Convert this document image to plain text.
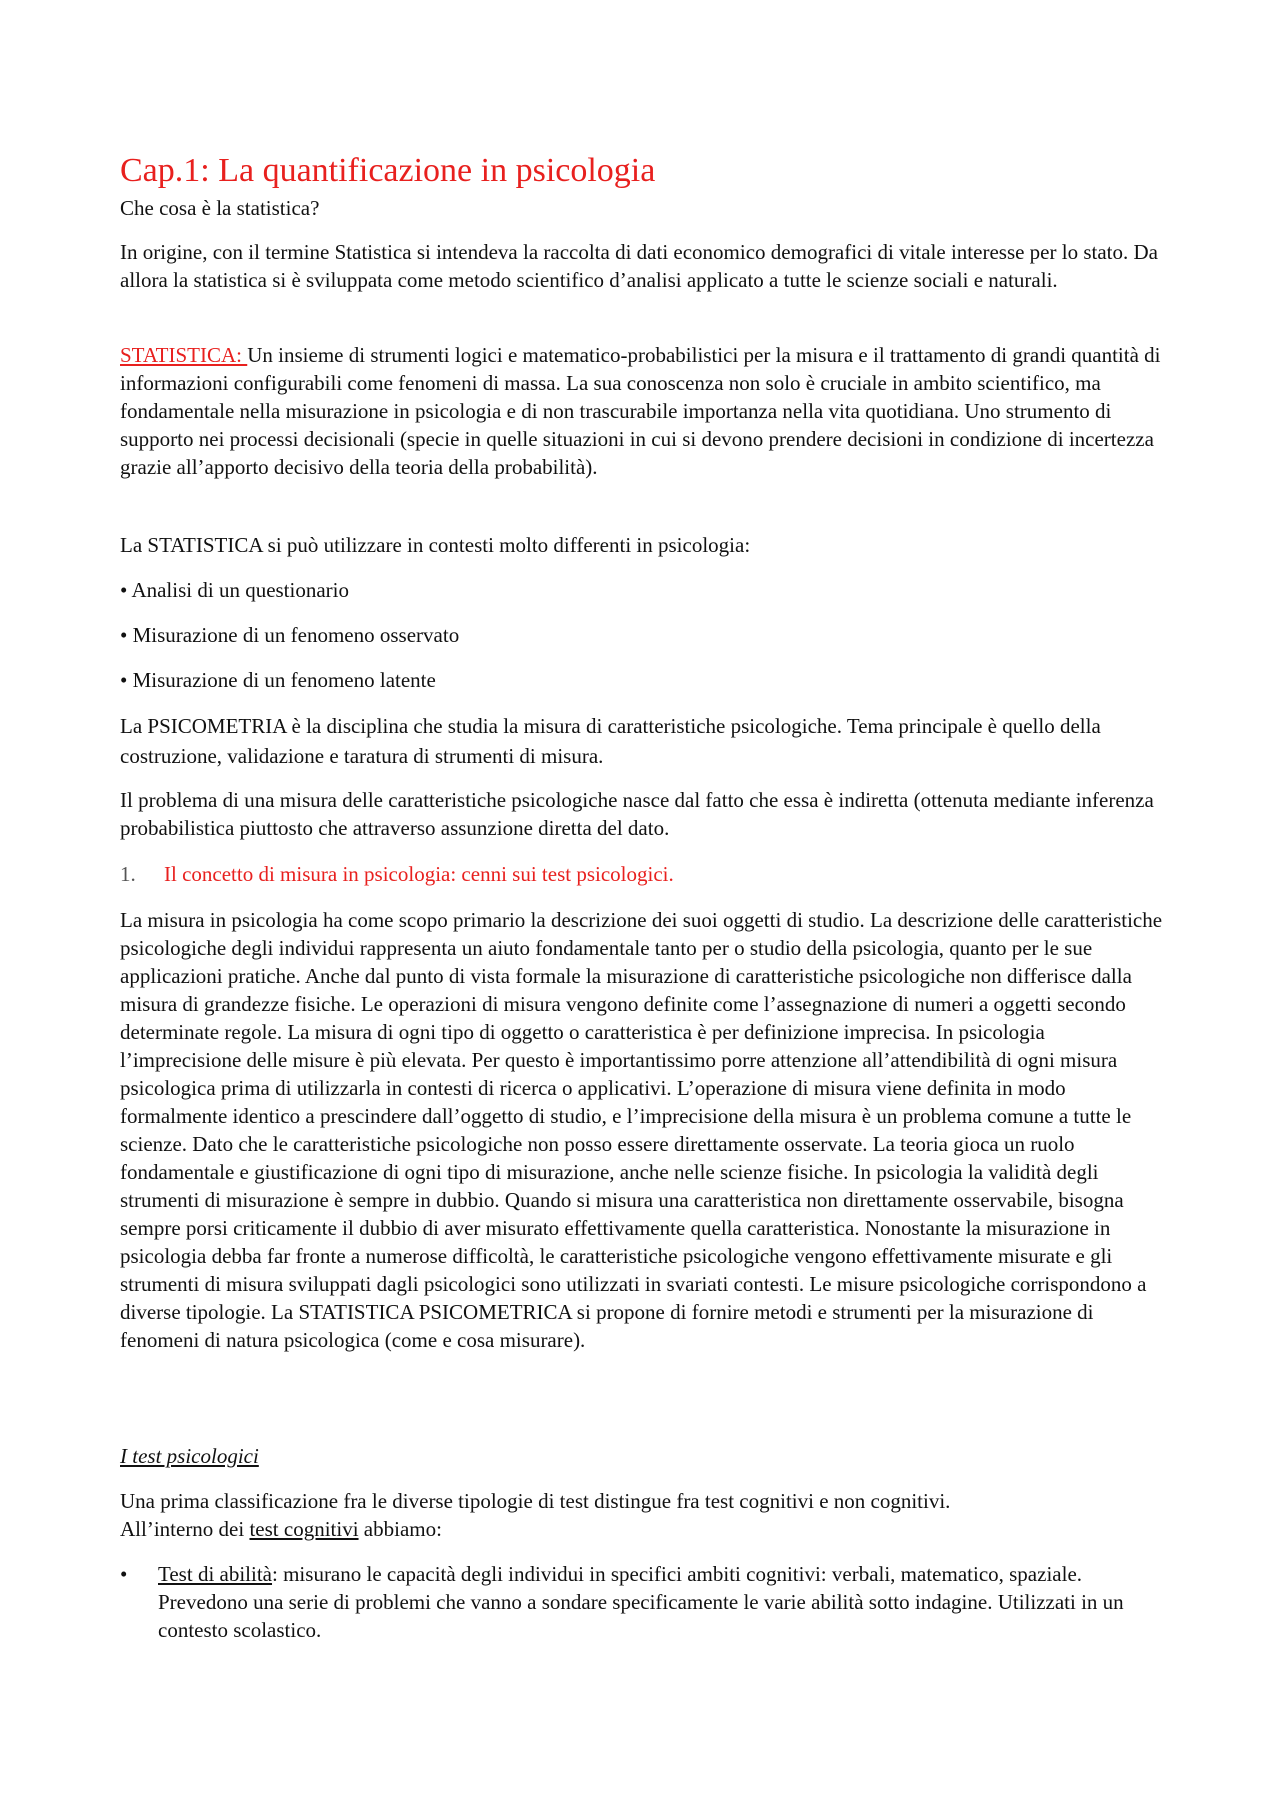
Cap.1: La quantificazione in psicologia

Che cosa è la statistica?

In origine, con il termine Statistica si intendeva la raccolta di dati economico demografici di vitale interesse per lo stato. Da allora la statistica si è sviluppata come metodo scientifico d’analisi applicato a tutte le scienze sociali e naturali.

STATISTICA: Un insieme di strumenti logici e matematico-probabilistici per la misura e il trattamento di grandi quantità di informazioni configurabili come fenomeni di massa. La sua conoscenza non solo è cruciale in ambito scientifico, ma fondamentale nella misurazione in psicologia e di non trascurabile importanza nella vita quotidiana. Uno strumento di supporto nei processi decisionali (specie in quelle situazioni in cui si devono prendere decisioni in condizione di incertezza grazie all’apporto decisivo della teoria della probabilità).

La STATISTICA si può utilizzare in contesti molto differenti in psicologia:

• Analisi di un questionario

• Misurazione di un fenomeno osservato

• Misurazione di un fenomeno latente

La PSICOMETRIA è la disciplina che studia la misura di caratteristiche psicologiche. Tema principale è quello della costruzione, validazione e taratura di strumenti di misura.

Il problema di una misura delle caratteristiche psicologiche nasce dal fatto che essa è indiretta (ottenuta mediante inferenza probabilistica piuttosto che attraverso assunzione diretta del dato.

1. Il concetto di misura in psicologia: cenni sui test psicologici.

La misura in psicologia ha come scopo primario la descrizione dei suoi oggetti di studio. La descrizione delle caratteristiche psicologiche degli individui rappresenta un aiuto fondamentale tanto per o studio della psicologia, quanto per le sue applicazioni pratiche. Anche dal punto di vista formale la misurazione di caratteristiche psicologiche non differisce dalla misura di grandezze fisiche. Le operazioni di misura vengono definite come l’assegnazione di numeri a oggetti secondo determinate regole. La misura di ogni tipo di oggetto o caratteristica è per definizione imprecisa. In psicologia l’imprecisione delle misure è più elevata. Per questo è importantissimo porre attenzione all’attendibilità di ogni misura psicologica prima di utilizzarla in contesti di ricerca o applicativi. L’operazione di misura viene definita in modo formalmente identico a prescindere dall’oggetto di studio, e l’imprecisione della misura è un problema comune a tutte le scienze. Dato che le caratteristiche psicologiche non posso essere direttamente osservate. La teoria gioca un ruolo fondamentale e giustificazione di ogni tipo di misurazione, anche nelle scienze fisiche. In psicologia la validità degli strumenti di misurazione è sempre in dubbio. Quando si misura una caratteristica non direttamente osservabile, bisogna sempre porsi criticamente il dubbio di aver misurato effettivamente quella caratteristica. Nonostante la misurazione in psicologia debba far fronte a numerose difficoltà, le caratteristiche psicologiche vengono effettivamente misurate e gli strumenti di misura sviluppati dagli psicologici sono utilizzati in svariati contesti. Le misure psicologiche corrispondono a diverse tipologie. La STATISTICA PSICOMETRICA si propone di fornire metodi e strumenti per la misurazione di fenomeni di natura psicologica (come e cosa misurare).

I test psicologici

Una prima classificazione fra le diverse tipologie di test distingue fra test cognitivi e non cognitivi.
All’interno dei test cognitivi abbiamo:

• Test di abilità: misurano le capacità degli individui in specifici ambiti cognitivi: verbali, matematico, spaziale. Prevedono una serie di problemi che vanno a sondare specificamente le varie abilità sotto indagine. Utilizzati in un contesto scolastico.
